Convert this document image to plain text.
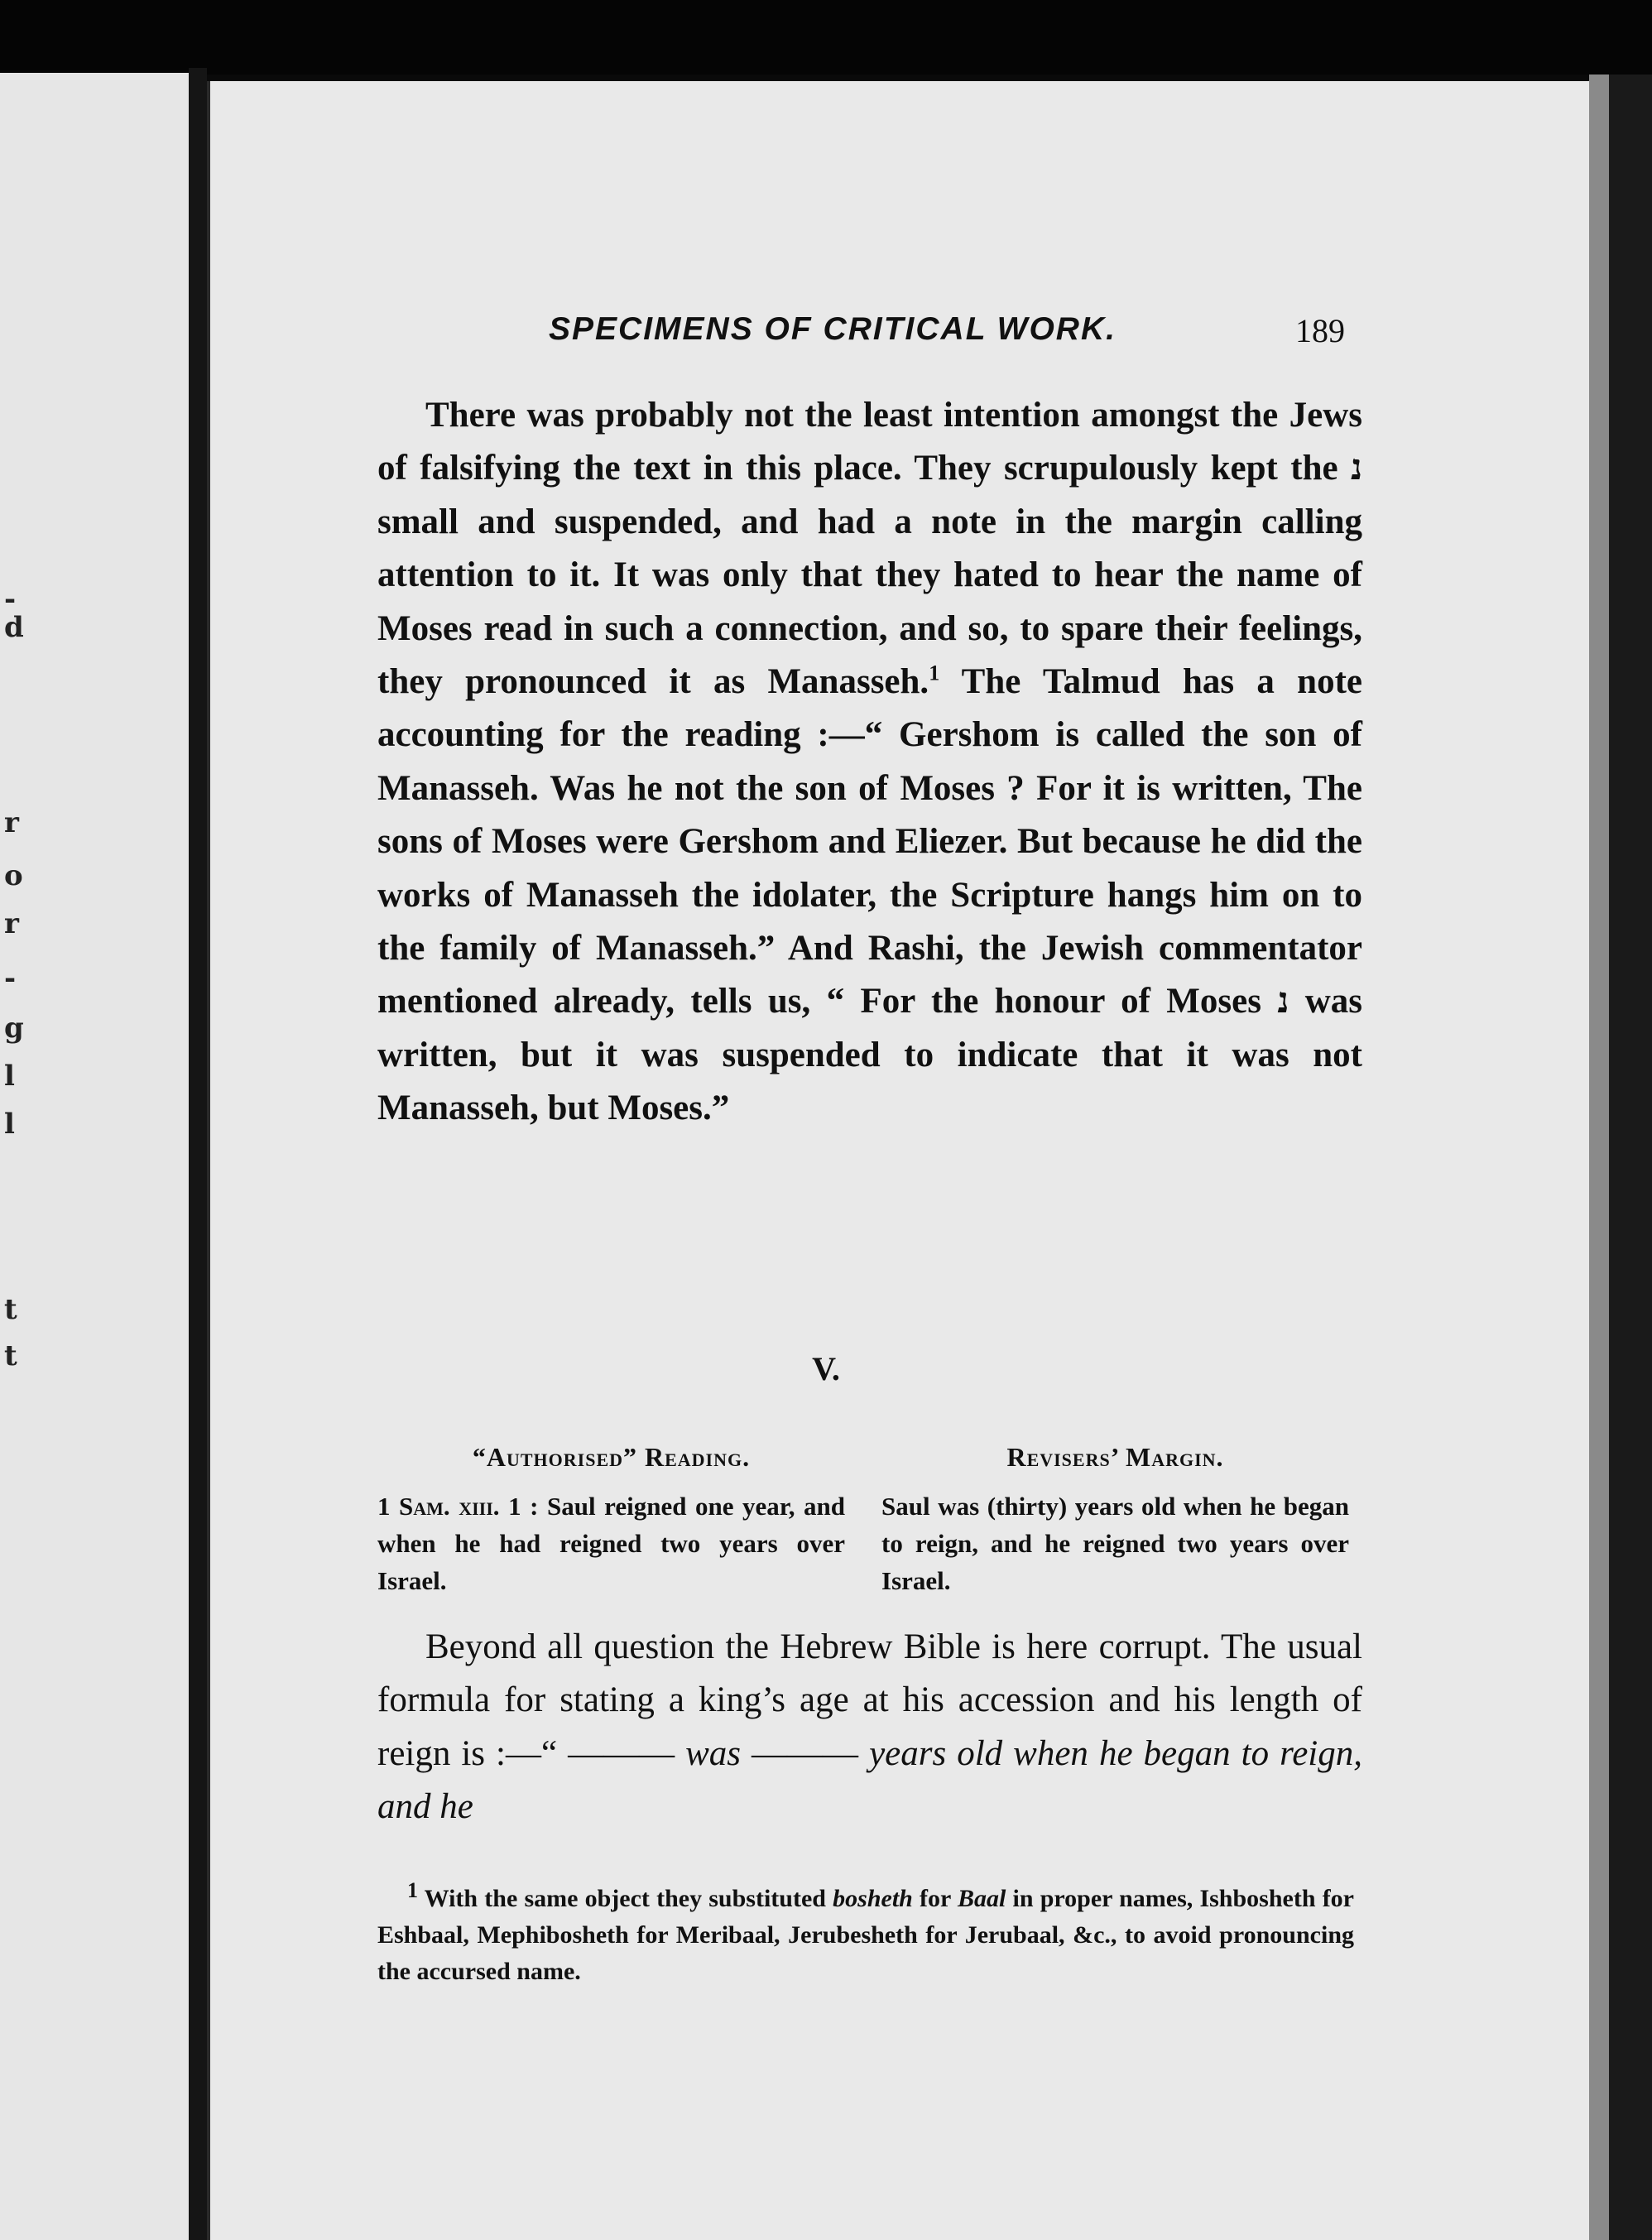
-
d
r
o
r
-
g
l
l
t
t
SPECIMENS OF CRITICAL WORK.	189

There was probably not the least intention amongst the Jews of falsifying the text in this place. They scrupulously kept the נ small and suspended, and had a note in the margin calling attention to it. It was only that they hated to hear the name of Moses read in such a connection, and so, to spare their feelings, they pronounced it as Manasseh.$^1$ The Talmud has a note accounting for the reading :—“ Gershom is called the son of Manasseh. Was he not the son of Moses ? For it is written, The sons of Moses were Gershom and Eliezer. But because he did the works of Manasseh the idolater, the Scripture hangs him on to the family of Manasseh.” And Rashi, the Jewish commentator mentioned already, tells us, “ For the honour of Moses נ was written, but it was suspended to indicate that it was not Manasseh, but Moses.”

V.
“Authorised” Reading.

1 Sam. xiii. 1 : Saul reigned one year, and when he had reigned two years over Israel.

Revisers’ Margin.

Saul was (thirty) years old when he began to reign, and he reigned two years over Israel.

Beyond all question the Hebrew Bible is here corrupt. The usual formula for stating a king’s age at his accession and his length of reign is :—“ ——— was ——— years old when he began to reign, and he

1 With the same object they substituted bosheth for Baal in proper names, Ishbosheth for Eshbaal, Mephibosheth for Meribaal, Jerubesheth for Jerubaal, &c., to avoid pronouncing the accursed name.
